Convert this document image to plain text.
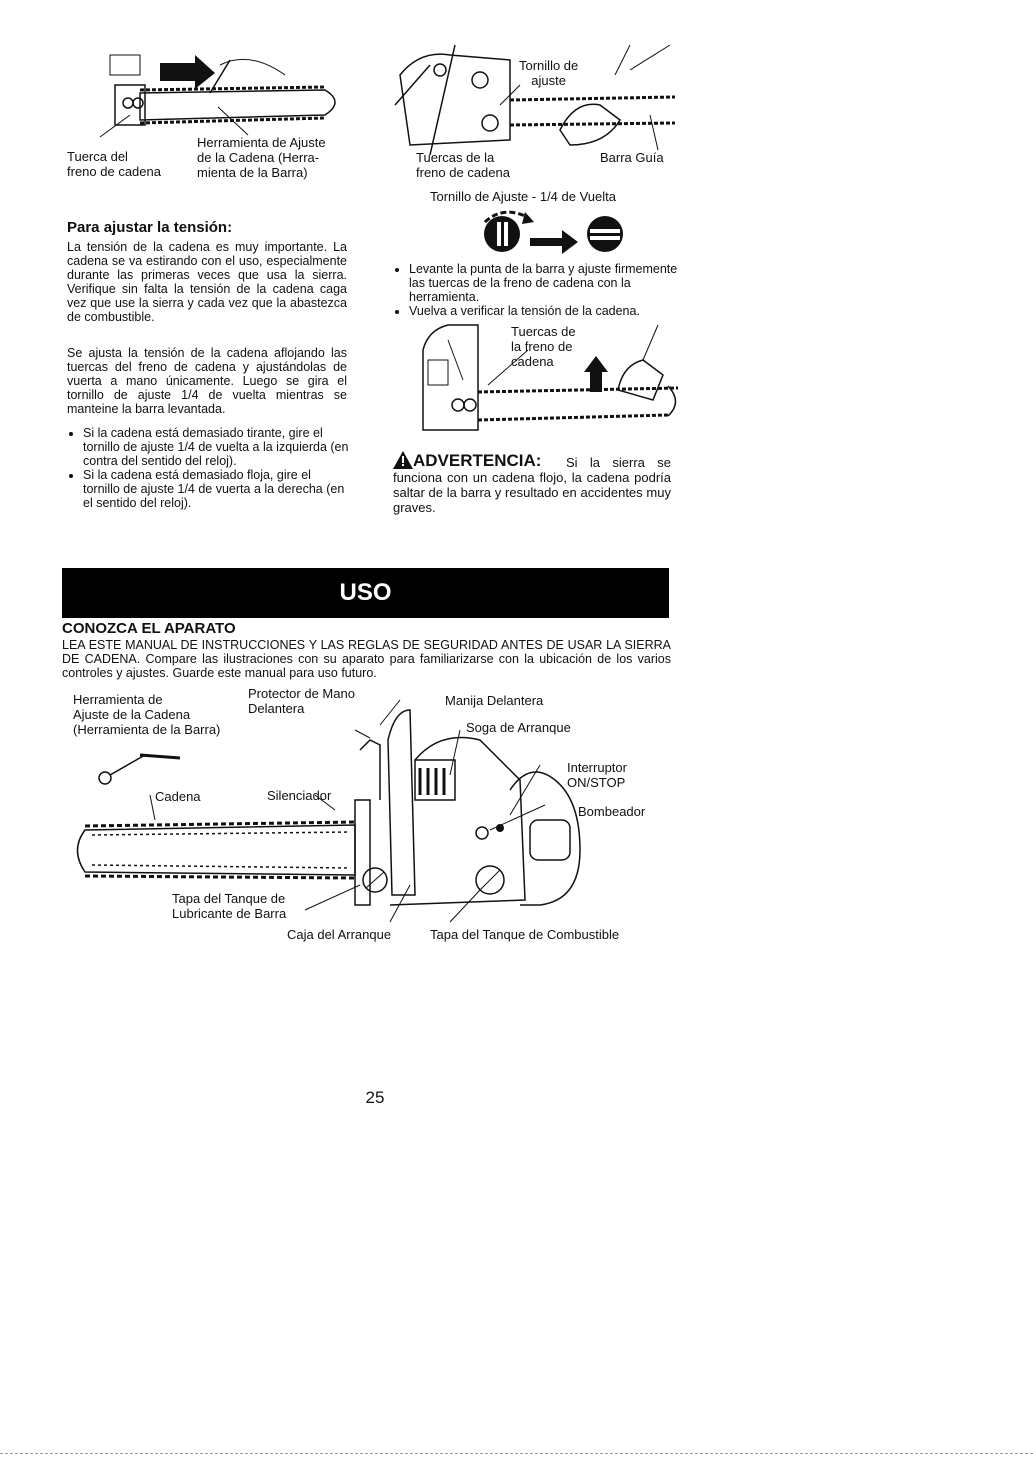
Herramienta de Ajuste
de la Cadena (Herra-
mienta de la Barra)
Tuerca del
freno de cadena
Para ajustar la tensión:
La tensión de la cadena es muy importante. La cadena se va estirando con el uso, especialmente durante las primeras veces que usa la sierra. Verifique sin falta la tensión de la cadena caga vez que use la sierra y cada vez que la abastezca de combustible.
Se ajusta la tensión de la cadena aflojando las tuercas del freno de cadena y ajustándolas de vuerta a mano únicamente. Luego se gira el tornillo de ajuste 1/4 de vuelta mientras se manteine la barra levantada.
• Si la cadena está demasiado tirante, gire el tornillo de ajuste 1/4 de vuelta a la izquierda (en contra del sentido del reloj).
• Si la cadena está demasiado floja, gire el tornillo de ajuste 1/4 de vuerta a la derecha (en el sentido del reloj).
Tornillo de
ajuste
Tuercas de la
freno de cadena
Barra Guía
Tornillo de Ajuste - 1/4 de Vuelta
• Levante la punta de la barra y ajuste firmemente las tuercas de la freno de cadena con la herramienta.
• Vuelva a verificar la tensión de la cadena.
Tuercas de
la freno de
cadena
ADVERTENCIA:	Si la sierra se funciona con un cadena flojo, la cadena podría saltar de la barra y resultado en accidentes muy graves.
USO
CONOZCA EL APARATO
LEA ESTE MANUAL DE INSTRUCCIONES Y LAS REGLAS DE SEGURIDAD ANTES DE USAR LA SIERRA DE CADENA. Compare las ilustraciones con su aparato para familiarizarse con la ubicación de los varios controles y ajustes. Guarde este manual para uso futuro.
Herramienta de
Ajuste de la Cadena
(Herramienta de la Barra)
Protector de Mano
Delantera
Manija Delantera
Soga de Arranque
Interruptor
ON/STOP
Bombeador
Cadena	Silenciador
Tapa del Tanque de
Lubricante de Barra
Caja del Arranque	Tapa del Tanque de Combustible
25
